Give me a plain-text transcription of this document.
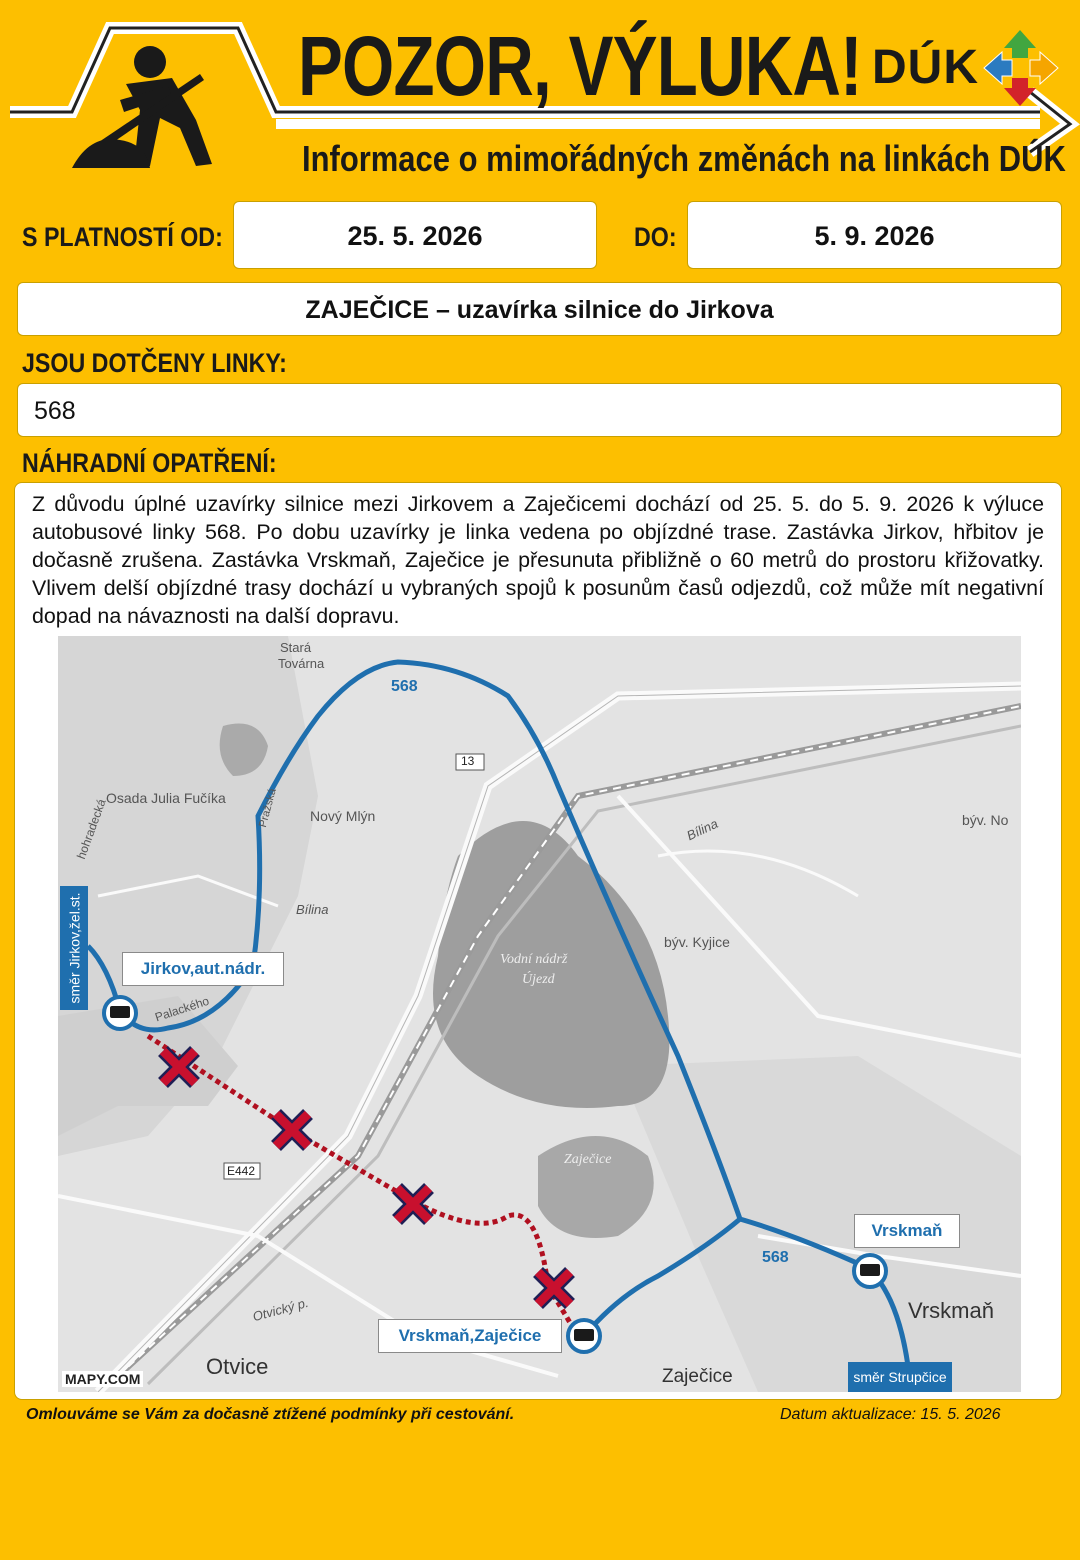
POZOR, VÝLUKA!
Informace o mimořádných změnách na linkách DÚK
DÚK
S PLATNOSTÍ OD:	25. 5. 2026	DO:	5. 9. 2026
ZAJEČICE – uzavírka silnice do Jirkova
JSOU DOTČENY LINKY:
568
NÁHRADNÍ OPATŘENÍ:
Z důvodu úplné uzavírky silnice mezi Jirkovem a Zaječicemi dochází od 25. 5. do 5. 9. 2026 k výluce autobusové linky 568. Po dobu uzavírky je linka vedena po objízdné trase. Zastávka Jirkov, hřbitov je dočasně zrušena. Zastávka Vrskmaň, Zaječice je přesunuta přibližně o 60 metrů do prostoru křižovatky. Vlivem delší objízdné trasy dochází u vybraných spojů k posunům časů odjezdů, což může mít negativní dopad na návaznosti na další dopravu.
Stará
Továrna
Osada Julia Fučíka
Nový Mlýn
Bílina
Bílina
býv. Kyjice
býv. No
Vodní nádrž
Újezd
Zaječice
Otvice	Zaječice
Vrskmaň
Otvický p.
13
E442
Palackého
hohradecká	Pražská
MAPY.COM
568
568
Jirkov,aut.nádr.
Vrskmaň
Vrskmaň,Zaječice
směr Jirkov,žel.st.
směr Strupčice
Omlouváme se Vám za dočasně ztížené podmínky při cestování.	Datum aktualizace: 15. 5. 2026
